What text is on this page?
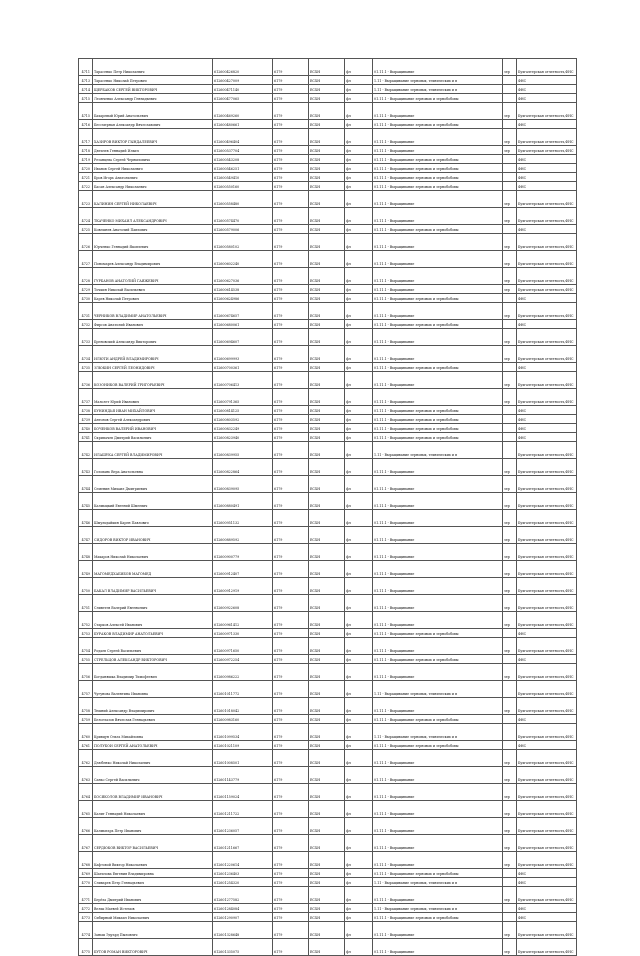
4711	Тарасенко Петр Николаевич	612600426820	6179	ЕСХН	фл	01.11.1 - Выращивание	зер	Бухгалтерская отчетность,ФНС
4713	Тарасенко Николай Петрович	612600427009	6179	ЕСХН	фл	1.11 - Выращивание зерновых, технических и п		ФНС
4714	ЩЕРБАКОВ СЕРГЕЙ ВИКТОРОВИЧ	612600471140	6179	ЕСХН	фл	1.11 - Выращивание зерновых, технических и п		ФНС
4715	Леонченко Александр Геннадьевич	612600477065	6179	ЕСХН	фл	01.11.1 - Выращивание зерновых и зернобобовы		ФНС
4715	Бахаревый Юрий Анатольевич	612600469260	6179	ЕСХН	фл	01.11.1 - Выращивание	зер	Бухгалтерская отчетность,ФНС
4716	Бессмерная Александр Вячеславович	612600480661	6179	ЕСХН	фл	01.11.1 - Выращивание зерновых и зернобобовы		ФНС
4717	ХАЗИРОВ ВИКТОР ГЫНДАЛЕЕВИЧ	612600496404	6179	ЕСХН	фл	01.11.1 - Выращивание	зер	Бухгалтерская отчетность,ФНС
4718	Дягилев Геннадий Ильич	612600537704	6179	ЕСХН	фл	01.11.1 - Выращивание	зер	Бухгалтерская отчетность,ФНС
4719	Резанцева Сергей Черныловичь	612600543208	6179	ЕСХН	фл	01.11.1 - Выращивание зерновых и зернобобовы		ФНС
4720	Иванов Сергей Николаевич	612600546251	6179	ЕСХН	фл	01.11.1 - Выращивание зерновых и зернобобовы		ФНС
4721	Бров Игорь Анатольевич	612600549410	6179	ЕСХН	фл	01.11.1 - Выращивание зерновых и зернобобовы		ФНС
4722	Басан Александр Николаевич	612600550160	6179	ЕСХН	фл	01.11.1 - Выращивание зерновых и зернобобовы		ФНС
4723	КАЛИНИН СЕРГЕЙ НИКОЛАЕВИЧ	612600558480	6179	ЕСХН	фл	01.11.1 - Выращивание	зер	Бухгалтерская отчетность,ФНС
4724	ТКАЧЕНКО МИХАИЛ АЛЕКСАНДРОВИЧ	612600574470	6179	ЕСХН	фл	01.11.1 - Выращивание	зер	Бухгалтерская отчетность,ФНС
4725	Ковешнев Анатолий Павлович	612600579006	6179	ЕСХН	фл	01.11.1 - Выращивание зерновых и зернобобовы		ФНС
4726	Юрченко Геннадий Яковлевич	612600580102	6179	ЕСХН	фл	01.11.1 - Выращивание	зер	Бухгалтерская отчетность,ФНС
4727	Пономарев Александр Владимирович	612600602240	6179	ЕСХН	фл	01.11.1 - Выращивание	зер	Бухгалтерская отчетность,ФНС
4728	ГУРБАНОВ АНАТОЛИЙ ГАЯЖЕВИЧ	612600627036	6179	ЕСХН	фл	01.11.1 - Выращивание	зер	Бухгалтерская отчетность,ФНС
4729	Точкин Николай Васильевич	612600614538	6179	ЕСХН	фл	01.11.1 - Выращивание	зер	Бухгалтерская отчетность,ФНС
4730	Карев Николай Петрович	612600624986	6179	ЕСХН	фл	01.11.1 - Выращивание зерновых и зернобобовы		ФНС
4731	ЧЕРНИКОВ ВЛАДИМИР АНАТОЛЬЕВИЧ	612600674657	6179	ЕСХН	фл	01.11.1 - Выращивание	зер	Бухгалтерская отчетность,ФНС
4732	Фирсов Анатолий Иванович	612600680061	6179	ЕСХН	фл	01.11.1 - Выращивание зерновых и зернобобовы		ФНС
4733	Бреновский Александр Викторович	612600694607	6179	ЕСХН	фл	01.11.1 - Выращивание	зер	Бухгалтерская отчетность,ФНС
4734	ИЛЮТИ АНДРЕЙ ВЛАДИМИРОВИЧ	612600699993	6179	ЕСХН	фл	01.11.1 - Выращивание	зер	Бухгалтерская отчетность,ФНС
4735	ЗЛЮКИН СЕРГЕЙ ЛЕОНИДОВИЧ	612600700361	6179	ЕСХН	фл	01.11.1 - Выращивание зерновых и зернобобовы		ФНС
4736	КОЗОНИКОВ ВАЛЕРИЙ ГРИГОРЬЕВИЧ	612600706413	6179	ЕСХН	фл	01.11.1 - Выращивание	зер	Бухгалтерская отчетность,ФНС
4737	Малолет Юрий Иванович	612600791365	6179	ЕСХН	фл	01.11.1 - Выращивание	зер	Бухгалтерская отчетность,ФНС
4738	БУНИНДЬЯ ИВАН МИХАЙЛОВИЧ	612600814125	6179	ЕСХН	фл	01.11.1 - Выращивание зерновых и зернобобовы		ФНС
4739	Антонов Сергей Александрович	612600803592	6179	ЕСХН	фл	01.11.1 - Выращивание зерновых и зернобобовы		ФНС
4740	БОЧЕНКОВ ВАЛЕРИЙ ИВАНОВИЧ	612600832249	6179	ЕСХН	фл	01.11.1 - Выращивание зерновых и зернобобовы		ФНС
4741	Скрипачев Дмитрий Васильевич	612600823940	6179	ЕСХН	фл	01.11.1 - Выращивание зерновых и зернобобовы		ФНС
4742	ИЛАШУКА СЕРГЕЙ ВЛАДИМИРОВИЧ	612600839955	6179	ЕСХН	фл	1.11 - Выращивание зерновых, технических и п		Бухгалтерская отчетность,ФНС
4743	Головань Вера Анатольевна	612600822864	6179	ЕСХН	фл	01.11.1 - Выращивание	зер	Бухгалтерская отчетность,ФНС
4744	Семенин Михаил Дмитриевич	612600839095	6179	ЕСХН	фл	01.11.1 - Выращивание	зер	Бухгалтерская отчетность,ФНС
4745	Калмыцкий Евгений Шмеевич	612600880491	6179	ЕСХН	фл	01.11.1 - Выращивание	зер	Бухгалтерская отчетность,ФНС
4746	Шмульдайкин Карен Павлович	612600951132	6179	ЕСХН	фл	01.11.1 - Выращивание	зер	Бухгалтерская отчетность,ФНС
4747	СИДОРОВ ВИКТОР ИВАНОВИЧ	612600889592	6179	ЕСХН	фл	01.11.1 - Выращивание	зер	Бухгалтерская отчетность,ФНС
4748	Макаров Николай Николаевич	612600900779	6179	ЕСХН	фл	01.11.1 - Выращивание	зер	Бухгалтерская отчетность,ФНС
4749	МАГОМЕДХАБИБОВ МАГОМЕД	612600912407	6179	ЕСХН	фл	01.11.1 - Выращивание	зер	Бухгалтерская отчетность,ФНС
4750	БАКАЛ ВЛАДИМИР ВАСИЛЬЕВИЧ	612600912919	6179	ЕСХН	фл	01.11.1 - Выращивание	зер	Бухгалтерская отчетность,ФНС
4751	Сливетев Валерий Евгеньевич	612600922608	6179	ЕСХН	фл	01.11.1 - Выращивание	зер	Бухгалтерская отчетность,ФНС
4752	Старков Алексей Иванович	612600961412	6179	ЕСХН	фл	01.11.1 - Выращивание	зер	Бухгалтерская отчетность,ФНС
4753	БУРАКОВ ВЛАДИМИР АНАТОЛЬЕВИЧ	612600971330	6179	ЕСХН	фл	01.11.1 - Выращивание зерновых и зернобобовы		ФНС
4754	Родаев Сергей Васильевич	612600971650	6179	ЕСХН	фл	01.11.1 - Выращивание	зер	Бухгалтерская отчетность,ФНС
4755	СТРЕЛЬЦОВ АЛЕКСАНДР ВИКТОРОВИЧ	612600972254	6179	ЕСХН	фл	01.11.1 - Выращивание зерновых и зернобобовы		ФНС
4756	Богданяшка Владимир Тимофеевич	612600986222	6179	ЕСХН	фл	01.11.1 - Выращивание	зер	Бухгалтерская отчетность,ФНС
4757	Чугунова Валентина Ивановна	612601011772	6179	ЕСХН	фл	1.11 - Выращивание зерновых, технических и п		Бухгалтерская отчетность,ФНС
4758	Тюкний Александр Владимирович	612601018042	6179	ЕСХН	фл	01.11.1 - Выращивание	зер	Бухгалтерская отчетность,ФНС
4759	Белоглазов Вячеслав Геннадьевич	612600983160	6179	ЕСХН	фл	01.11.1 - Выращивание зерновых и зернобобовы		ФНС
4760	Кривцун Ольга Михайловна	612601099534	6179	ЕСХН	фл	1.11 - Выращивание зерновых, технических и п		Бухгалтерская отчетность,ФНС
4761	ПОЛУБОИ СЕРГЕЙ АНАТОЛЬЕВИЧ	612601021109	6179	ЕСХН	фл	01.11.1 - Выращивание зерновых и зернобобовы		ФНС
4762	Дзюбенко Николай Николаевич	612601008501	6179	ЕСХН	фл	01.11.1 - Выращивание	зер	Бухгалтерская отчетность,ФНС
4763	Саньо Сергей Васильевич	612601143779	6179	ЕСХН	фл	01.11.1 - Выращивание	зер	Бухгалтерская отчетность,ФНС
4764	БОСЯКОЛОВ ВЛАДИМИР ИВАНОВИЧ	612601159024	6179	ЕСХН	фл	01.11.1 - Выращивание	зер	Бухгалтерская отчетность,ФНС
4765	Калит Геннадий Николаевич	612601211722	6179	ЕСХН	фл	01.11.1 - Выращивание	зер	Бухгалтерская отчетность,ФНС
4766	Калмыгарь Петр Иванович	612601236057	6179	ЕСХН	фл	01.11.1 - Выращивание	зер	Бухгалтерская отчетность,ФНС
4767	СЕРДЮКОВ ВИКТОР ВАСИЛЬЕВИЧ	612601211667	6179	ЕСХН	фл	01.11.1 - Выращивание	зер	Бухгалтерская отчетность,ФНС
4768	Кафтовой Виктор Николаевич	612601220614	6179	ЕСХН	фл	01.11.1 - Выращивание	зер	Бухгалтерская отчетность,ФНС
4769	Шатилова Евгения Владимировна	612601236403	6179	ЕСХН	фл	01.11.1 - Выращивание зерновых и зернобобовы		ФНС
4770	Сливарев Петр Геннадьевич	612601254320	6179	ЕСХН	фл	1.11 - Выращивание зерновых, технических и п		ФНС
4771	Берёза Дмитрий Иванович	612601277582	6179	ЕСХН	фл	01.11.1 - Выращивание	зер	Бухгалтерская отчетность,ФНС
4772	Вельк Матвей Истемов	612601284084	6179	ЕСХН	фл	1.11 - Выращивание зерновых, технических и п		ФНС
4773	Сибирный Михаил Николаевич	612601290907	6179	ЕСХН	фл	01.11.1 - Выращивание зерновых и зернобобовы		ФНС
4774	Заньш Эдуард Пыловеич	612601328648	6179	ЕСХН	фл	01.11.1 - Выращивание	зер	Бухгалтерская отчетность,ФНС
4775	БУТОВ РОМАН ВИКТОРОВИЧ	612601335075	6179	ЕСХН	фл	01.11.1 - Выращивание	зер	Бухгалтерская отчетность,ФНС
